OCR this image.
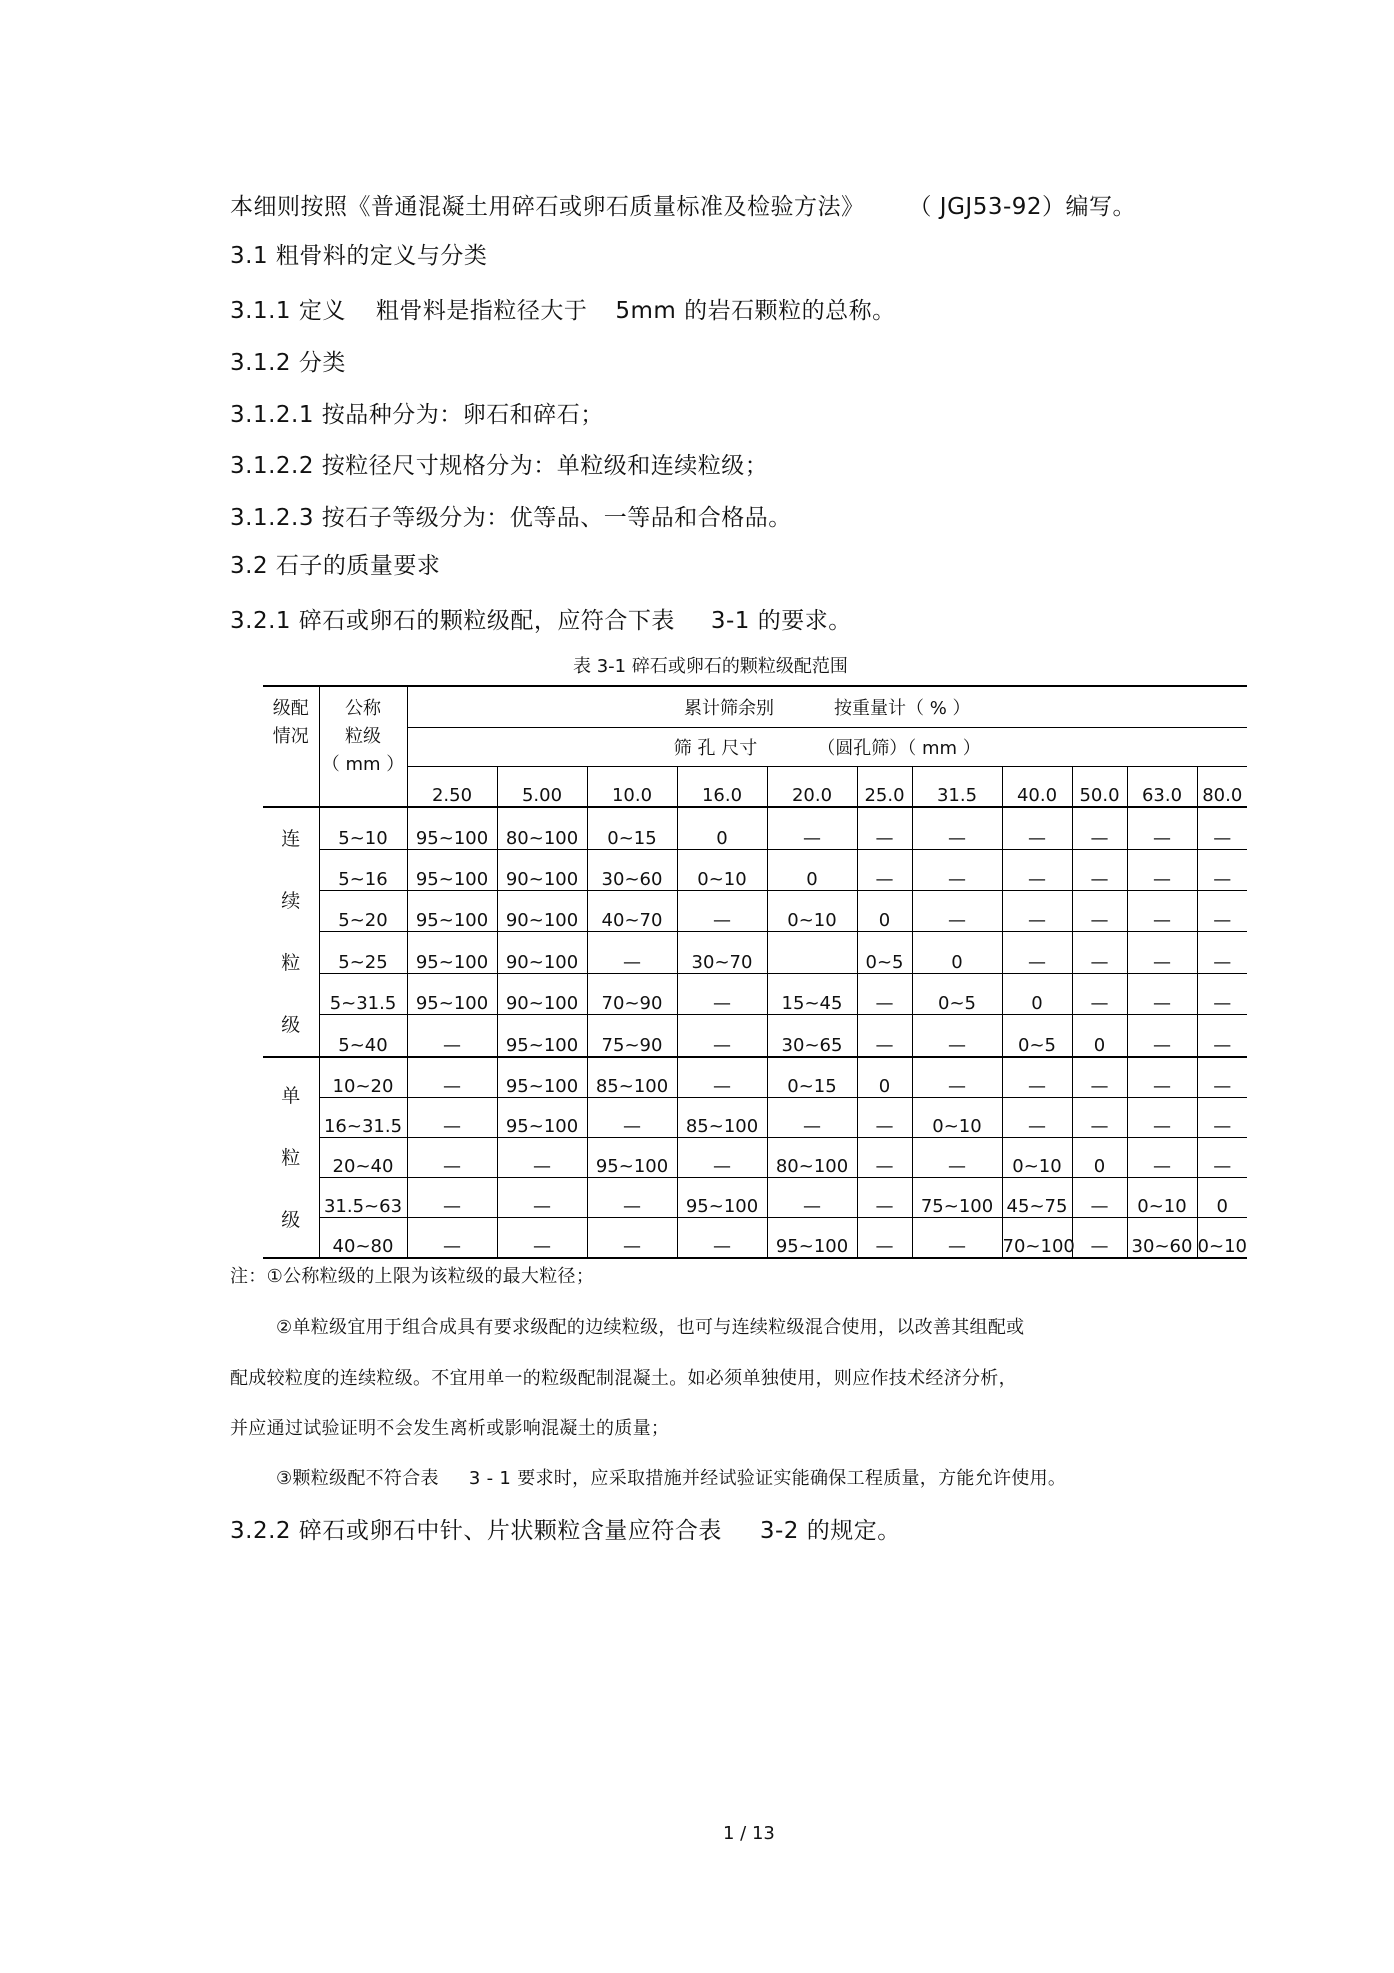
本细则按照《普通混凝土用碎石或卵石质量标准及检验方法》 （ JGJ53-92）编写。
3.1 粗骨料的定义与分类
3.1.1 定义 粗骨料是指粒径大于 5mm 的岩石颗粒的总称。
3.1.2 分类
3.1.2.1 按品种分为：卵石和碎石；
3.1.2.2 按粒径尺寸规格分为：单粒级和连续粒级；
3.1.2.3 按石子等级分为：优等品、一等品和合格品。
3.2 石子的质量要求
3.2.1 碎石或卵石的颗粒级配，应符合下表 3-1 的要求。
表 3-1 碎石或卵石的颗粒级配范围
级配
情况	公称
粒级
（ mm ）	累计筛余别 按重量计（ % ）										
		筛 孔 尺寸 （圆孔筛）（ mm ）										
		2.50	5.00	10.0	16.0	20.0	25.0	31.5	40.0	50.0	63.0	80.0

连
续
粒
级	5~10	95~100	80~100	0~15	0	—	—	—	—	—	—	—
	5~16	95~100	90~100	30~60	0~10	0	—	—	—	—	—	—
	5~20	95~100	90~100	40~70	—	0~10	0	—	—	—	—	—
	5~25	95~100	90~100	—	30~70		0~5	0	—	—	—	—
	5~31.5	95~100	90~100	70~90	—	15~45	—	0~5	0	—	—	—
	5~40	—	95~100	75~90	—	30~65	—	—	0~5	0	—	—

单
粒
级	10~20	—	95~100	85~100	—	0~15	0	—	—	—	—	—
	16~31.5	—	95~100	—	85~100	—	—	0~10	—	—	—	—
	20~40	—	—	95~100	—	80~100	—	—	0~10	0	—	—
	31.5~63	—	—	—	95~100	—	—	75~100	45~75	—	0~10	0
	40~80	—	—	—	—	95~100	—	—	70~100	—	30~60	0~10
注：①公称粒级的上限为该粒级的最大粒径；
②单粒级宜用于组合成具有要求级配的边续粒级，也可与连续粒级混合使用，以改善其组配或
配成较粒度的连续粒级。不宜用单一的粒级配制混凝土。如必须单独使用，则应作技术经济分析，
并应通过试验证明不会发生离析或影响混凝土的质量；
③颗粒级配不符合表 3 - 1 要求时，应采取措施并经试验证实能确保工程质量，方能允许使用。
3.2.2 碎石或卵石中针、片状颗粒含量应符合表 3-2 的规定。
1 / 13
